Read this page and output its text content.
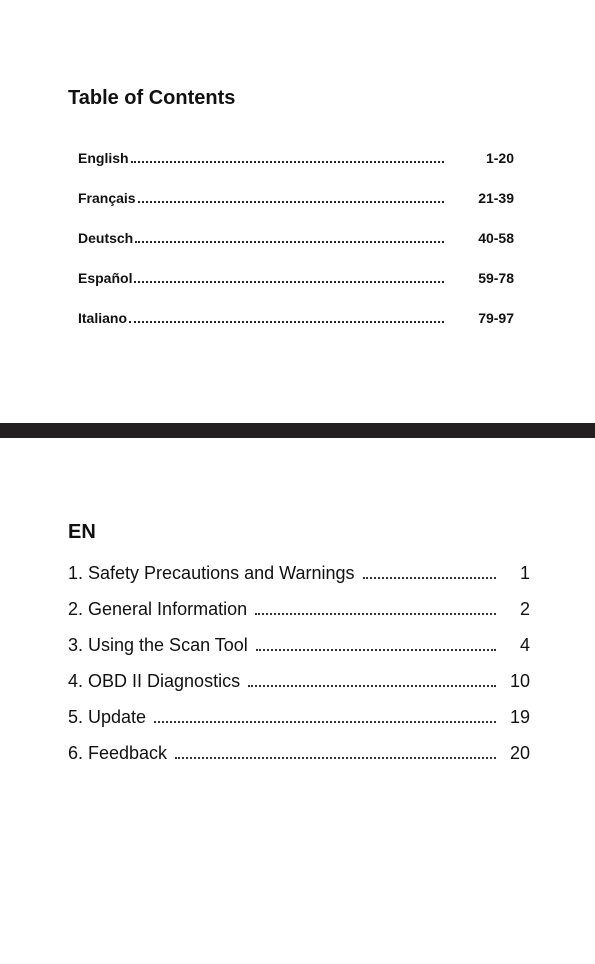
Table of Contents
English	1-20
Français	21-39
Deutsch	40-58
Español	59-78
Italiano	79-97
EN
1. Safety Precautions and Warnings	1
2. General Information	2
3. Using the Scan Tool	4
4. OBD II Diagnostics	10
5. Update	19
6. Feedback	20
